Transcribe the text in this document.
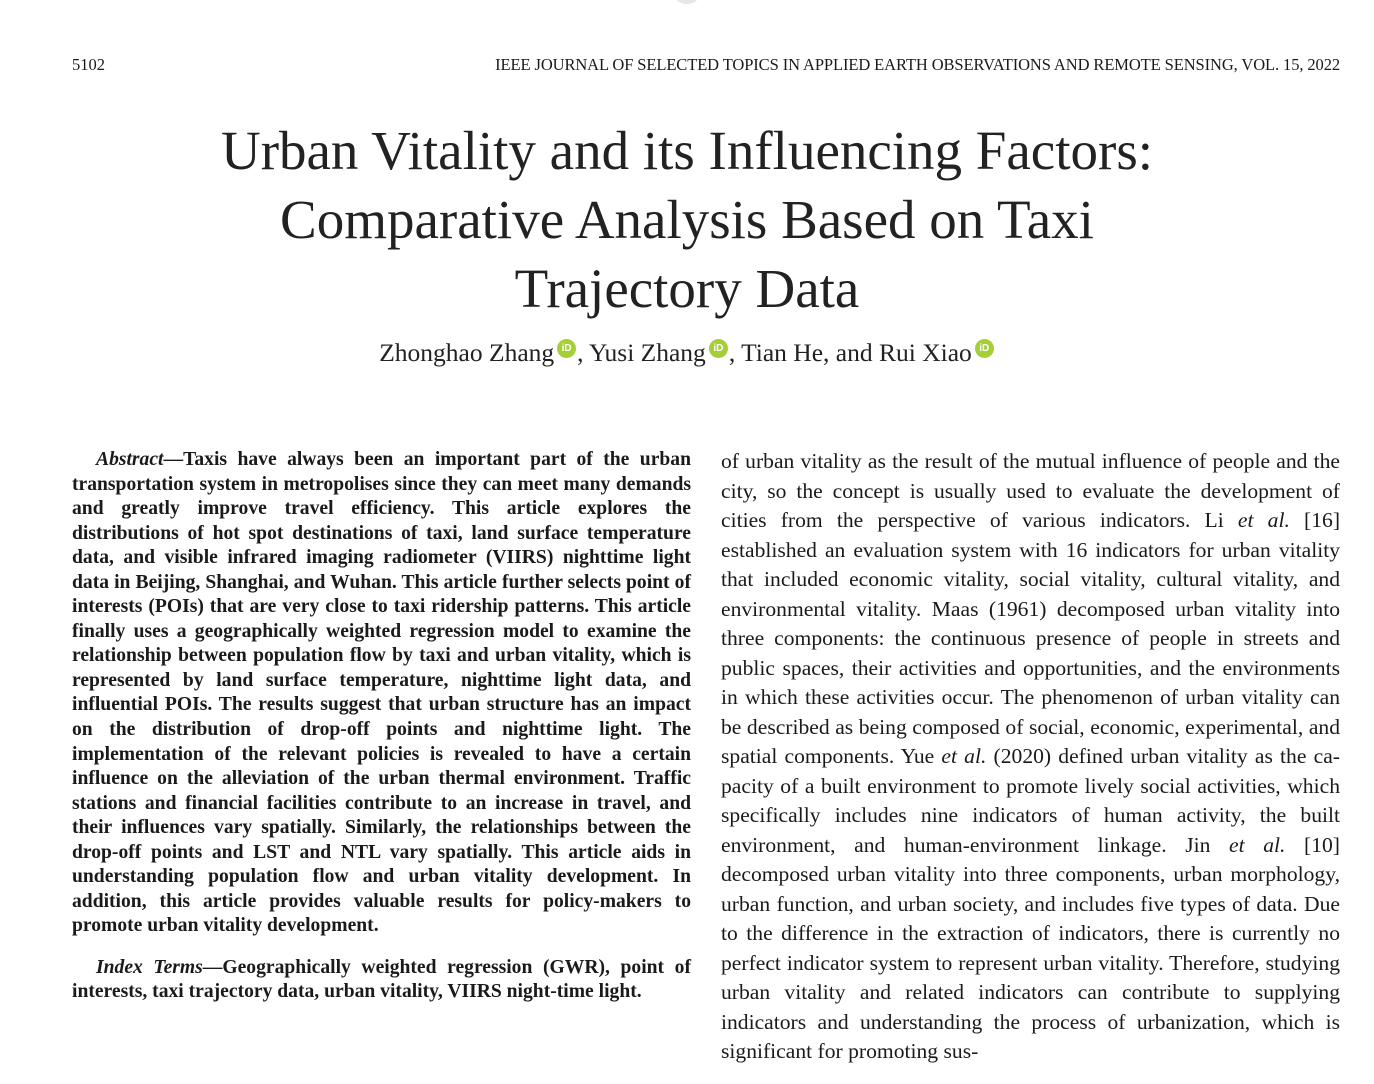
5102	IEEE JOURNAL OF SELECTED TOPICS IN APPLIED EARTH OBSERVATIONS AND REMOTE SENSING, VOL. 15, 2022
Urban Vitality and its Influencing Factors:
Comparative Analysis Based on Taxi
Trajectory Data
Zhonghao Zhang iD , Yusi Zhang iD , Tian He, and Rui Xiao iD

Abstract—Taxis have always been an important part of the urban transportation system in metropolises since they can meet many demands and greatly improve travel efficiency. This article explores the distributions of hot spot destinations of taxi, land surface temperature data, and visible infrared imaging radiometer (VIIRS) nighttime light data in Beijing, Shanghai, and Wuhan. This article further selects point of interests (POIs) that are very close to taxi ridership patterns. This article finally uses a geographically weighted regression model to examine the relationship between population flow by taxi and urban vitality, which is represented by land surface temperature, nighttime light data, and influential POIs. The results suggest that urban structure has an impact on the distribution of drop-off points and nighttime light. The implementation of the relevant policies is revealed to have a certain influence on the alleviation of the urban thermal environment. Traffic stations and financial facilities contribute to an increase in travel, and their influences vary spatially. Similarly, the relationships between the drop-off points and LST and NTL vary spatially. This article aids in understanding population flow and urban vitality development. In addition, this article provides valuable results for policy-makers to promote urban vitality development.

Index Terms—Geographically weighted regression (GWR), point of interests, taxi trajectory data, urban vitality, VIIRS night-time light.

of urban vitality as the result of the mutual influence of people and the city, so the concept is usually used to evaluate the development of cities from the perspective of various indicators. Li et al. [16] established an evaluation system with 16 indicators for urban vitality that included economic vitality, social vitality, cultural vitality, and environmental vitality. Maas (1961) decomposed urban vitality into three components: the continuous presence of people in streets and public spaces, their activities and opportunities, and the environments in which these activities occur. The phenomenon of urban vitality can be described as being composed of social, economic, experimental, and spatial components. Yue et al. (2020) defined urban vitality as the capacity of a built environment to promote lively social activities, which specifically includes nine indicators of human activity, the built environment, and human-environment linkage. Jin et al. [10] decomposed urban vitality into three components, urban morphology, urban function, and urban society, and includes five types of data. Due to the difference in the extraction of indicators, there is currently no perfect indicator system to represent urban vitality. Therefore, studying urban vitality and related indicators can contribute to supplying indicators and understanding the process of urbanization, which is significant for promoting sus-
